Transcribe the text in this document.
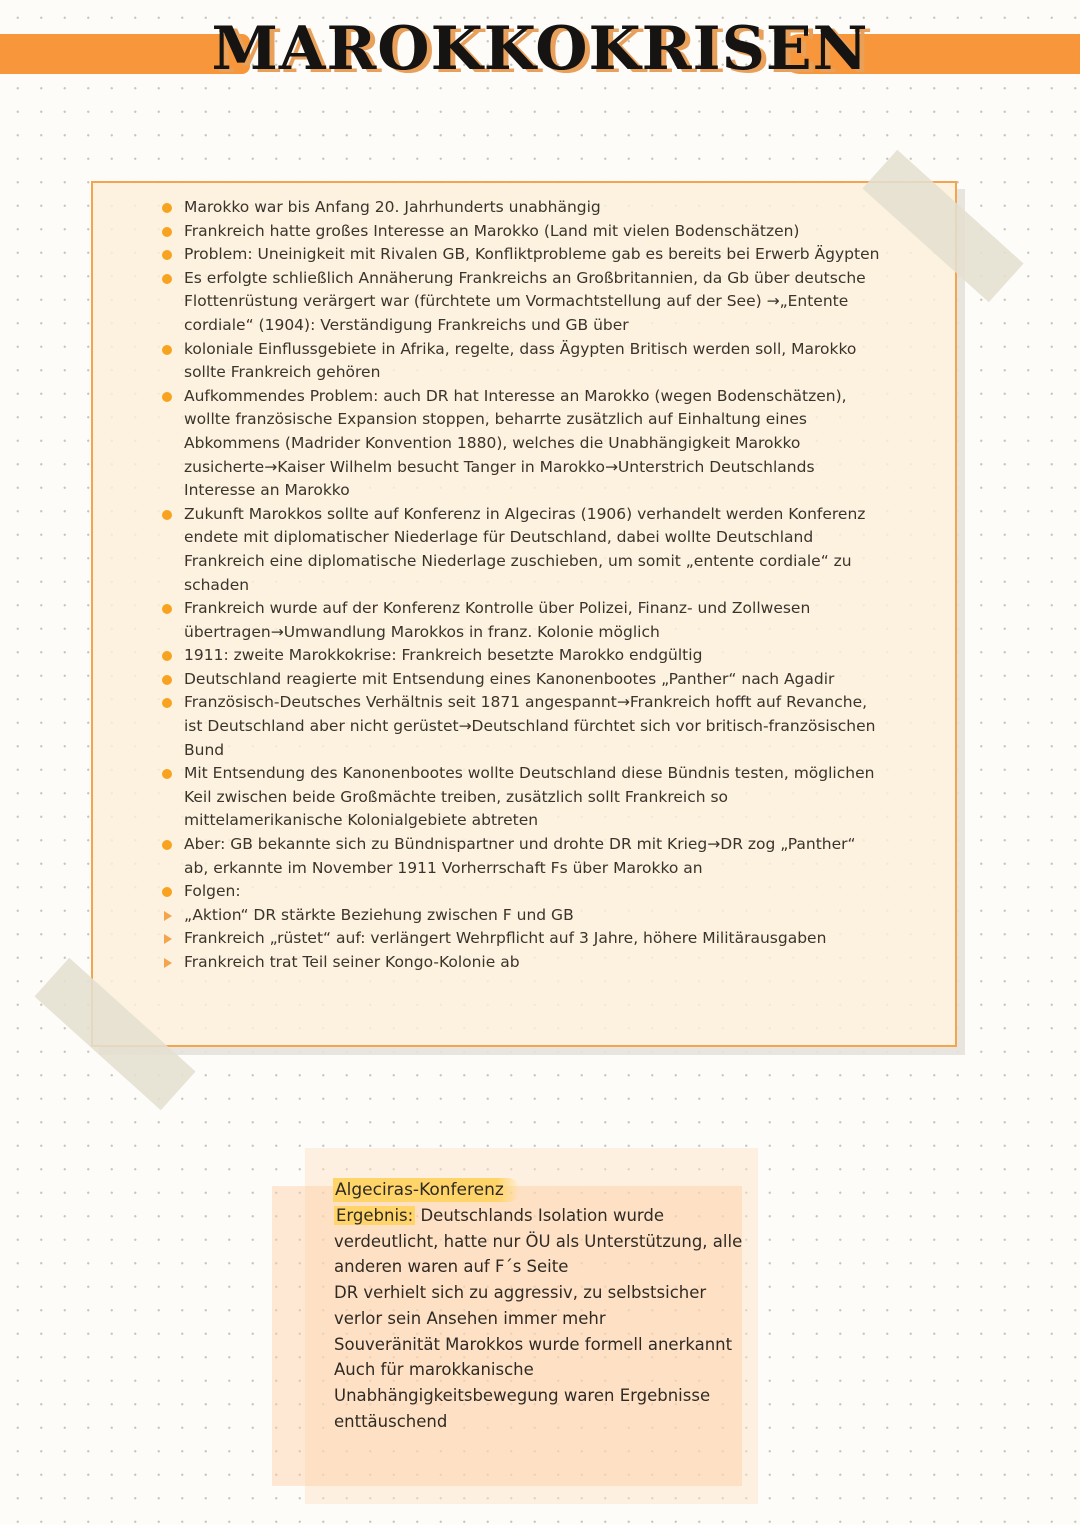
MAROKKOKRISEN
Marokko war bis Anfang 20. Jahrhunderts unabhängig
Frankreich hatte großes Interesse an Marokko (Land mit vielen Bodenschätzen)
Problem: Uneinigkeit mit Rivalen GB, Konfliktprobleme gab es bereits bei Erwerb Ägypten
Es erfolgte schließlich Annäherung Frankreichs an Großbritannien, da Gb über deutsche Flottenrüstung verärgert war (fürchtete um Vormachtstellung auf der See) →„Entente cordiale“ (1904): Verständigung Frankreichs und GB über
koloniale Einflussgebiete in Afrika, regelte, dass Ägypten Britisch werden soll, Marokko sollte Frankreich gehören
Aufkommendes Problem: auch DR hat Interesse an Marokko (wegen Bodenschätzen), wollte französische Expansion stoppen, beharrte zusätzlich auf Einhaltung eines Abkommens (Madrider Konvention 1880), welches die Unabhängigkeit Marokko zusicherte→Kaiser Wilhelm besucht Tanger in Marokko→Unterstrich Deutschlands Interesse an Marokko
Zukunft Marokkos sollte auf Konferenz in Algeciras (1906) verhandelt werden Konferenz endete mit diplomatischer Niederlage für Deutschland, dabei wollte Deutschland Frankreich eine diplomatische Niederlage zuschieben, um somit „entente cordiale“ zu schaden
Frankreich wurde auf der Konferenz Kontrolle über Polizei, Finanz- und Zollwesen übertragen→Umwandlung Marokkos in franz. Kolonie möglich
1911: zweite Marokkokrise: Frankreich besetzte Marokko endgültig
Deutschland reagierte mit Entsendung eines Kanonenbootes „Panther“ nach Agadir
Französisch-Deutsches Verhältnis seit 1871 angespannt→Frankreich hofft auf Revanche, ist Deutschland aber nicht gerüstet→Deutschland fürchtet sich vor britisch-französischen Bund
Mit Entsendung des Kanonenbootes wollte Deutschland diese Bündnis testen, möglichen Keil zwischen beide Großmächte treiben, zusätzlich sollt Frankreich so mittelamerikanische Kolonialgebiete abtreten
Aber: GB bekannte sich zu Bündnispartner und drohte DR mit Krieg→DR zog „Panther“ ab, erkannte im November 1911 Vorherrschaft Fs über Marokko an
Folgen:
„Aktion“ DR stärkte Beziehung zwischen F und GB
Frankreich „rüstet“ auf: verlängert Wehrpflicht auf 3 Jahre, höhere Militärausgaben
Frankreich trat Teil seiner Kongo-Kolonie ab
Algeciras-Konferenz
Ergebnis: Deutschlands Isolation wurde verdeutlicht, hatte nur ÖU als Unterstützung, alle anderen waren auf F´s Seite
DR verhielt sich zu aggressiv, zu selbstsicher verlor sein Ansehen immer mehr
Souveränität Marokkos wurde formell anerkannt
Auch für marokkanische Unabhängigkeitsbewegung waren Ergebnisse enttäuschend
